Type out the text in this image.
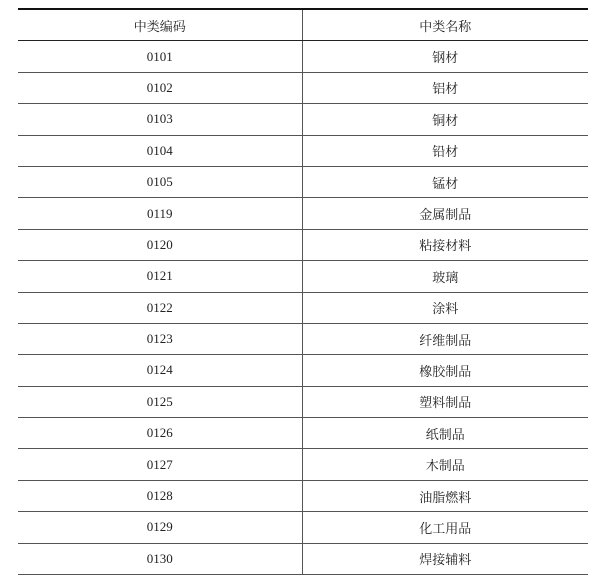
中类编码	中类名称
0101	钢材
0102	铝材
0103	铜材
0104	铅材
0105	锰材
0119	金属制品
0120	粘接材料
0121	玻璃
0122	涂料
0123	纤维制品
0124	橡胶制品
0125	塑料制品
0126	纸制品
0127	木制品
0128	油脂燃料
0129	化工用品
0130	焊接辅料
